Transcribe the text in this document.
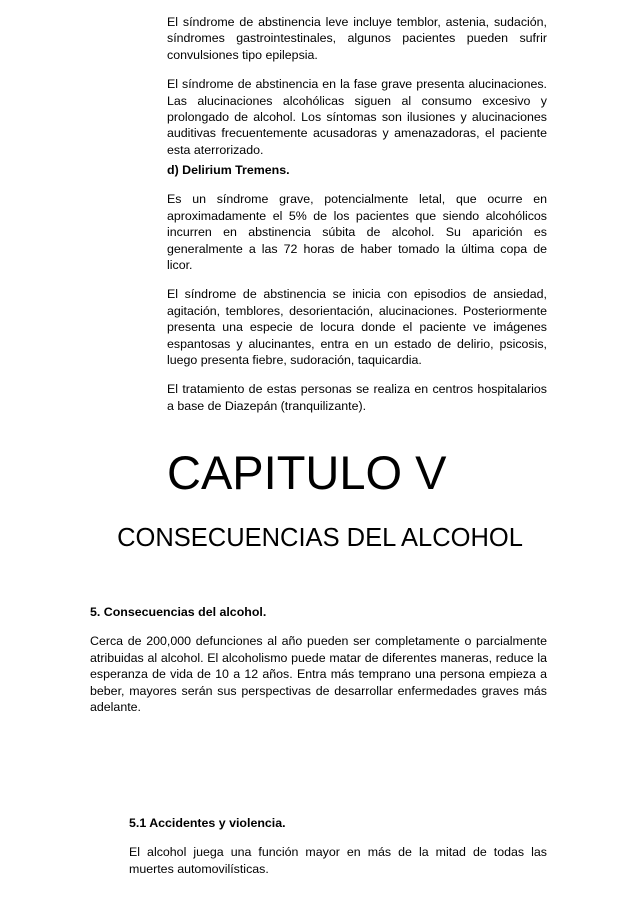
El síndrome de abstinencia leve incluye temblor, astenia, sudación, síndromes gastrointestinales, algunos pacientes pueden sufrir convulsiones tipo epilepsia.

El síndrome de abstinencia en la fase grave presenta alucinaciones. Las alucinaciones alcohólicas siguen al consumo excesivo y prolongado de alcohol. Los síntomas son ilusiones y alucinaciones auditivas frecuentemente acusadoras y amenazadoras, el paciente esta aterrorizado.

d) Delirium Tremens.

Es un síndrome grave, potencialmente letal, que ocurre en aproximadamente el 5% de los pacientes que siendo alcohólicos incurren en abstinencia súbita de alcohol. Su aparición es generalmente a las 72 horas de haber tomado la última copa de licor.

El síndrome de abstinencia se inicia con episodios de ansiedad, agitación, temblores, desorientación, alucinaciones. Posteriormente presenta una especie de locura donde el paciente ve imágenes espantosas y alucinantes, entra en un estado de delirio, psicosis, luego presenta fiebre, sudoración, taquicardia.

El tratamiento de estas personas se realiza en centros hospitalarios a base de Diazepán (tranquilizante).

CAPITULO V
CONSECUENCIAS DEL ALCOHOL

5. Consecuencias del alcohol.

Cerca de 200,000 defunciones al año pueden ser completamente o parcialmente atribuidas al alcohol. El alcoholismo puede matar de diferentes maneras, reduce la esperanza de vida de 10 a 12 años. Entra más temprano una persona empieza a beber, mayores serán sus perspectivas de desarrollar enfermedades graves más adelante.

5.1 Accidentes y violencia.

El alcohol juega una función mayor en más de la mitad de todas las muertes automovilísticas.
